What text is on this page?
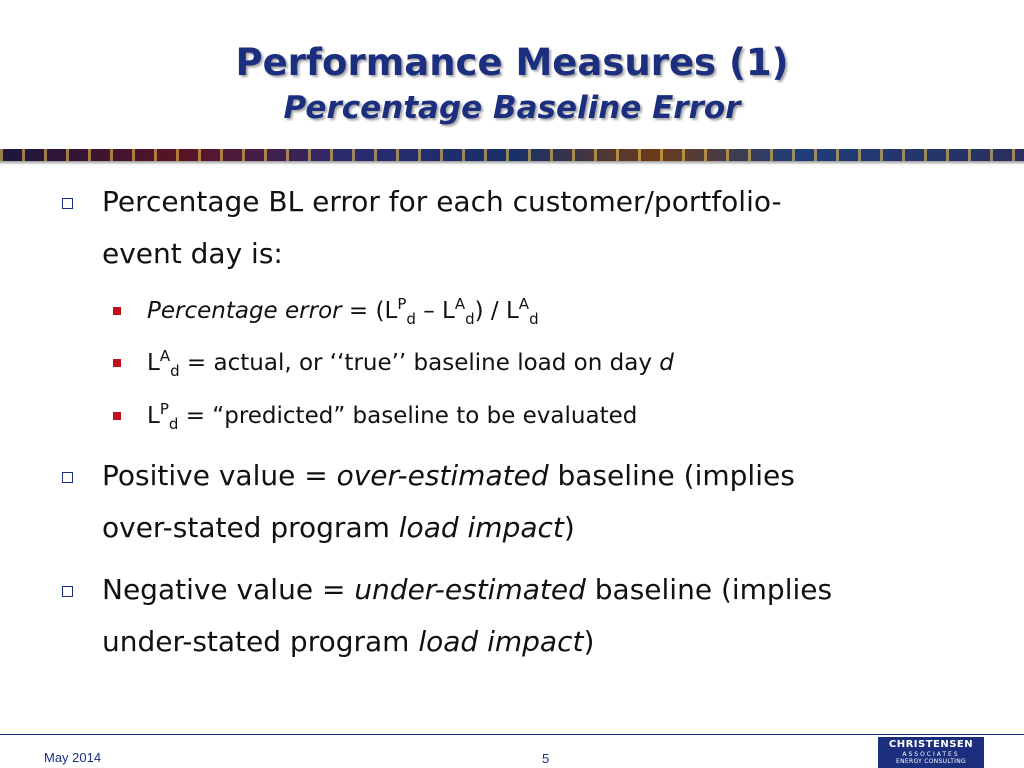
Performance Measures (1)
Percentage Baseline Error
Percentage BL error for each customer/portfolio-
event day is:
Percentage error = $(L^P_d - L^A_d) / L^A_d$
$L^A_d$ = actual, or ‘‘true’’ baseline load on day d
$L^P_d$ = “predicted” baseline to be evaluated
Positive value = over-estimated baseline (implies
over-stated program load impact)
Negative value = under-estimated baseline (implies
under-stated program load impact)
May 2014	5
CHRISTENSEN
ASSOCIATES
ENERGY CONSULTING
